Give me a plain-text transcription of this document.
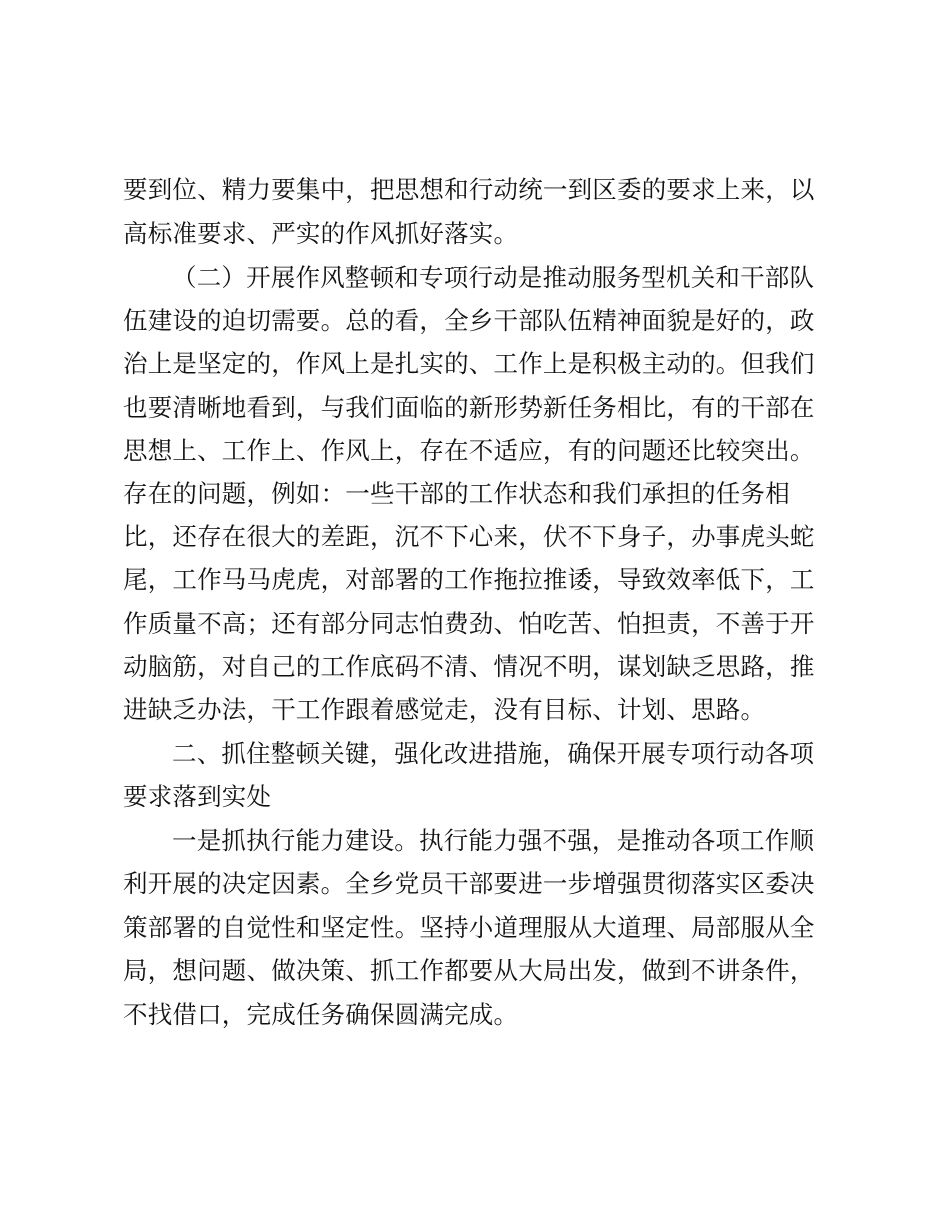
要到位、精力要集中，把思想和行动统一到区委的要求上来，以
高标准要求、严实的作风抓好落实。
（二）开展作风整顿和专项行动是推动服务型机关和干部队
伍建设的迫切需要。总的看，全乡干部队伍精神面貌是好的，政
治上是坚定的，作风上是扎实的、工作上是积极主动的。但我们
也要清晰地看到，与我们面临的新形势新任务相比，有的干部在
思想上、工作上、作风上，存在不适应，有的问题还比较突出。
存在的问题，例如：一些干部的工作状态和我们承担的任务相
比，还存在很大的差距，沉不下心来，伏不下身子，办事虎头蛇
尾，工作马马虎虎，对部署的工作拖拉推诿，导致效率低下，工
作质量不高；还有部分同志怕费劲、怕吃苦、怕担责，不善于开
动脑筋，对自己的工作底码不清、情况不明，谋划缺乏思路，推
进缺乏办法，干工作跟着感觉走，没有目标、计划、思路。
二、抓住整顿关键，强化改进措施，确保开展专项行动各项
要求落到实处
一是抓执行能力建设。执行能力强不强，是推动各项工作顺
利开展的决定因素。全乡党员干部要进一步增强贯彻落实区委决
策部署的自觉性和坚定性。坚持小道理服从大道理、局部服从全
局，想问题、做决策、抓工作都要从大局出发，做到不讲条件，
不找借口，完成任务确保圆满完成。
